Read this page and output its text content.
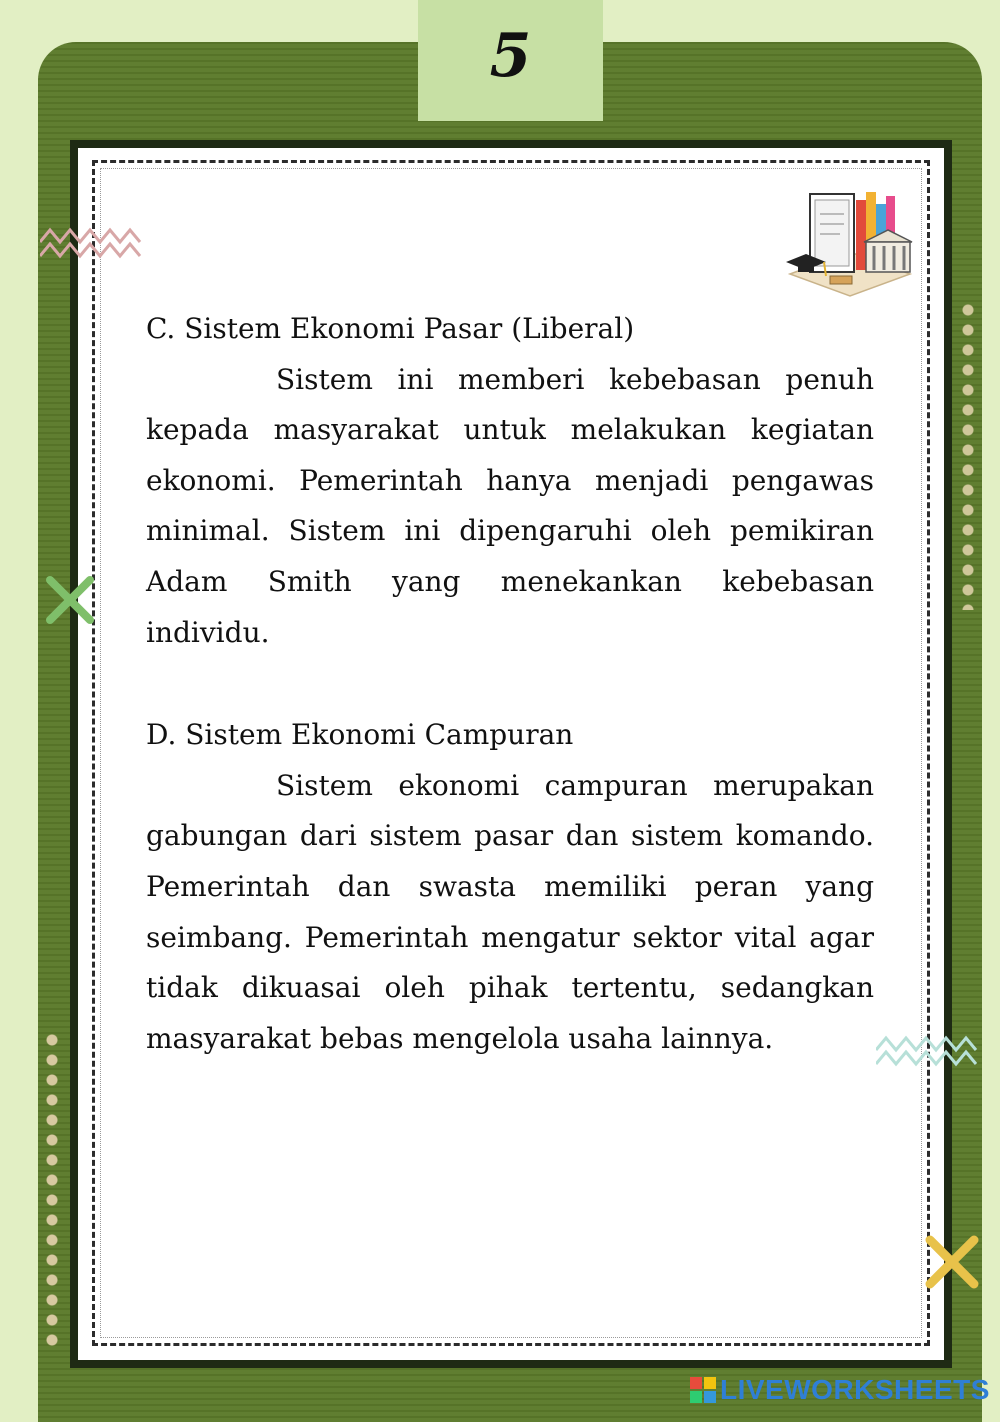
5

C. Sistem Ekonomi Pasar (Liberal)

Sistem ini memberi kebebasan penuh kepada masyarakat untuk melakukan kegiatan ekonomi. Pemerintah hanya menjadi pengawas minimal. Sistem ini dipengaruhi oleh pemikiran Adam Smith yang menekankan kebebasan individu.

D. Sistem Ekonomi Campuran

Sistem ekonomi campuran merupakan gabungan dari sistem pasar dan sistem komando. Pemerintah dan swasta memiliki peran yang seimbang. Pemerintah mengatur sektor vital agar tidak dikuasai oleh pihak tertentu, sedangkan masyarakat bebas mengelola usaha lainnya.

LIVEWORKSHEETS
